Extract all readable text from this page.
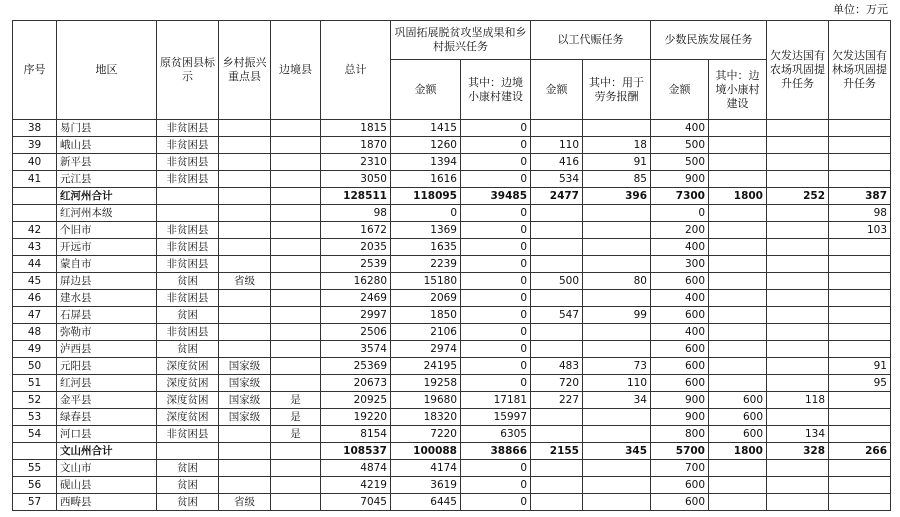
单位：万元
序号	地区	原贫困县标示	乡村振兴重点县	边境县	总计	巩固拓展脱贫攻坚成果和乡村振兴任务		以工代赈任务		少数民族发展任务		欠发达国有农场巩固提升任务	欠发达国有林场巩固提升任务
						金额	其中：边境小康村建设	金额	其中：用于劳务报酬	金额	其中：边境小康村建设		
38	易门县	非贫困县			1815	1415	0			400			
39	峨山县	非贫困县			1870	1260	0	110	18	500			
40	新平县	非贫困县			2310	1394	0	416	91	500			
41	元江县	非贫困县			3050	1616	0	534	85	900			
	红河州合计				128511	118095	39485	2477	396	7300	1800	252	387
	红河州本级				98	0	0			0			98
42	个旧市	非贫困县			1672	1369	0			200			103
43	开远市	非贫困县			2035	1635	0			400			
44	蒙自市	非贫困县			2539	2239	0			300			
45	屏边县	贫困	省级		16280	15180	0	500	80	600			
46	建水县	非贫困县			2469	2069	0			400			
47	石屏县	贫困			2997	1850	0	547	99	600			
48	弥勒市	非贫困县			2506	2106	0			400			
49	泸西县	贫困			3574	2974	0			600			
50	元阳县	深度贫困	国家级		25369	24195	0	483	73	600			91
51	红河县	深度贫困	国家级		20673	19258	0	720	110	600			95
52	金平县	深度贫困	国家级	是	20925	19680	17181	227	34	900	600	118	
53	绿春县	深度贫困	国家级	是	19220	18320	15997			900	600		
54	河口县	非贫困县		是	8154	7220	6305			800	600	134	
	文山州合计				108537	100088	38866	2155	345	5700	1800	328	266
55	文山市	贫困			4874	4174	0			700			
56	砚山县	贫困			4219	3619	0			600			
57	西畴县	贫困	省级		7045	6445	0			600			
